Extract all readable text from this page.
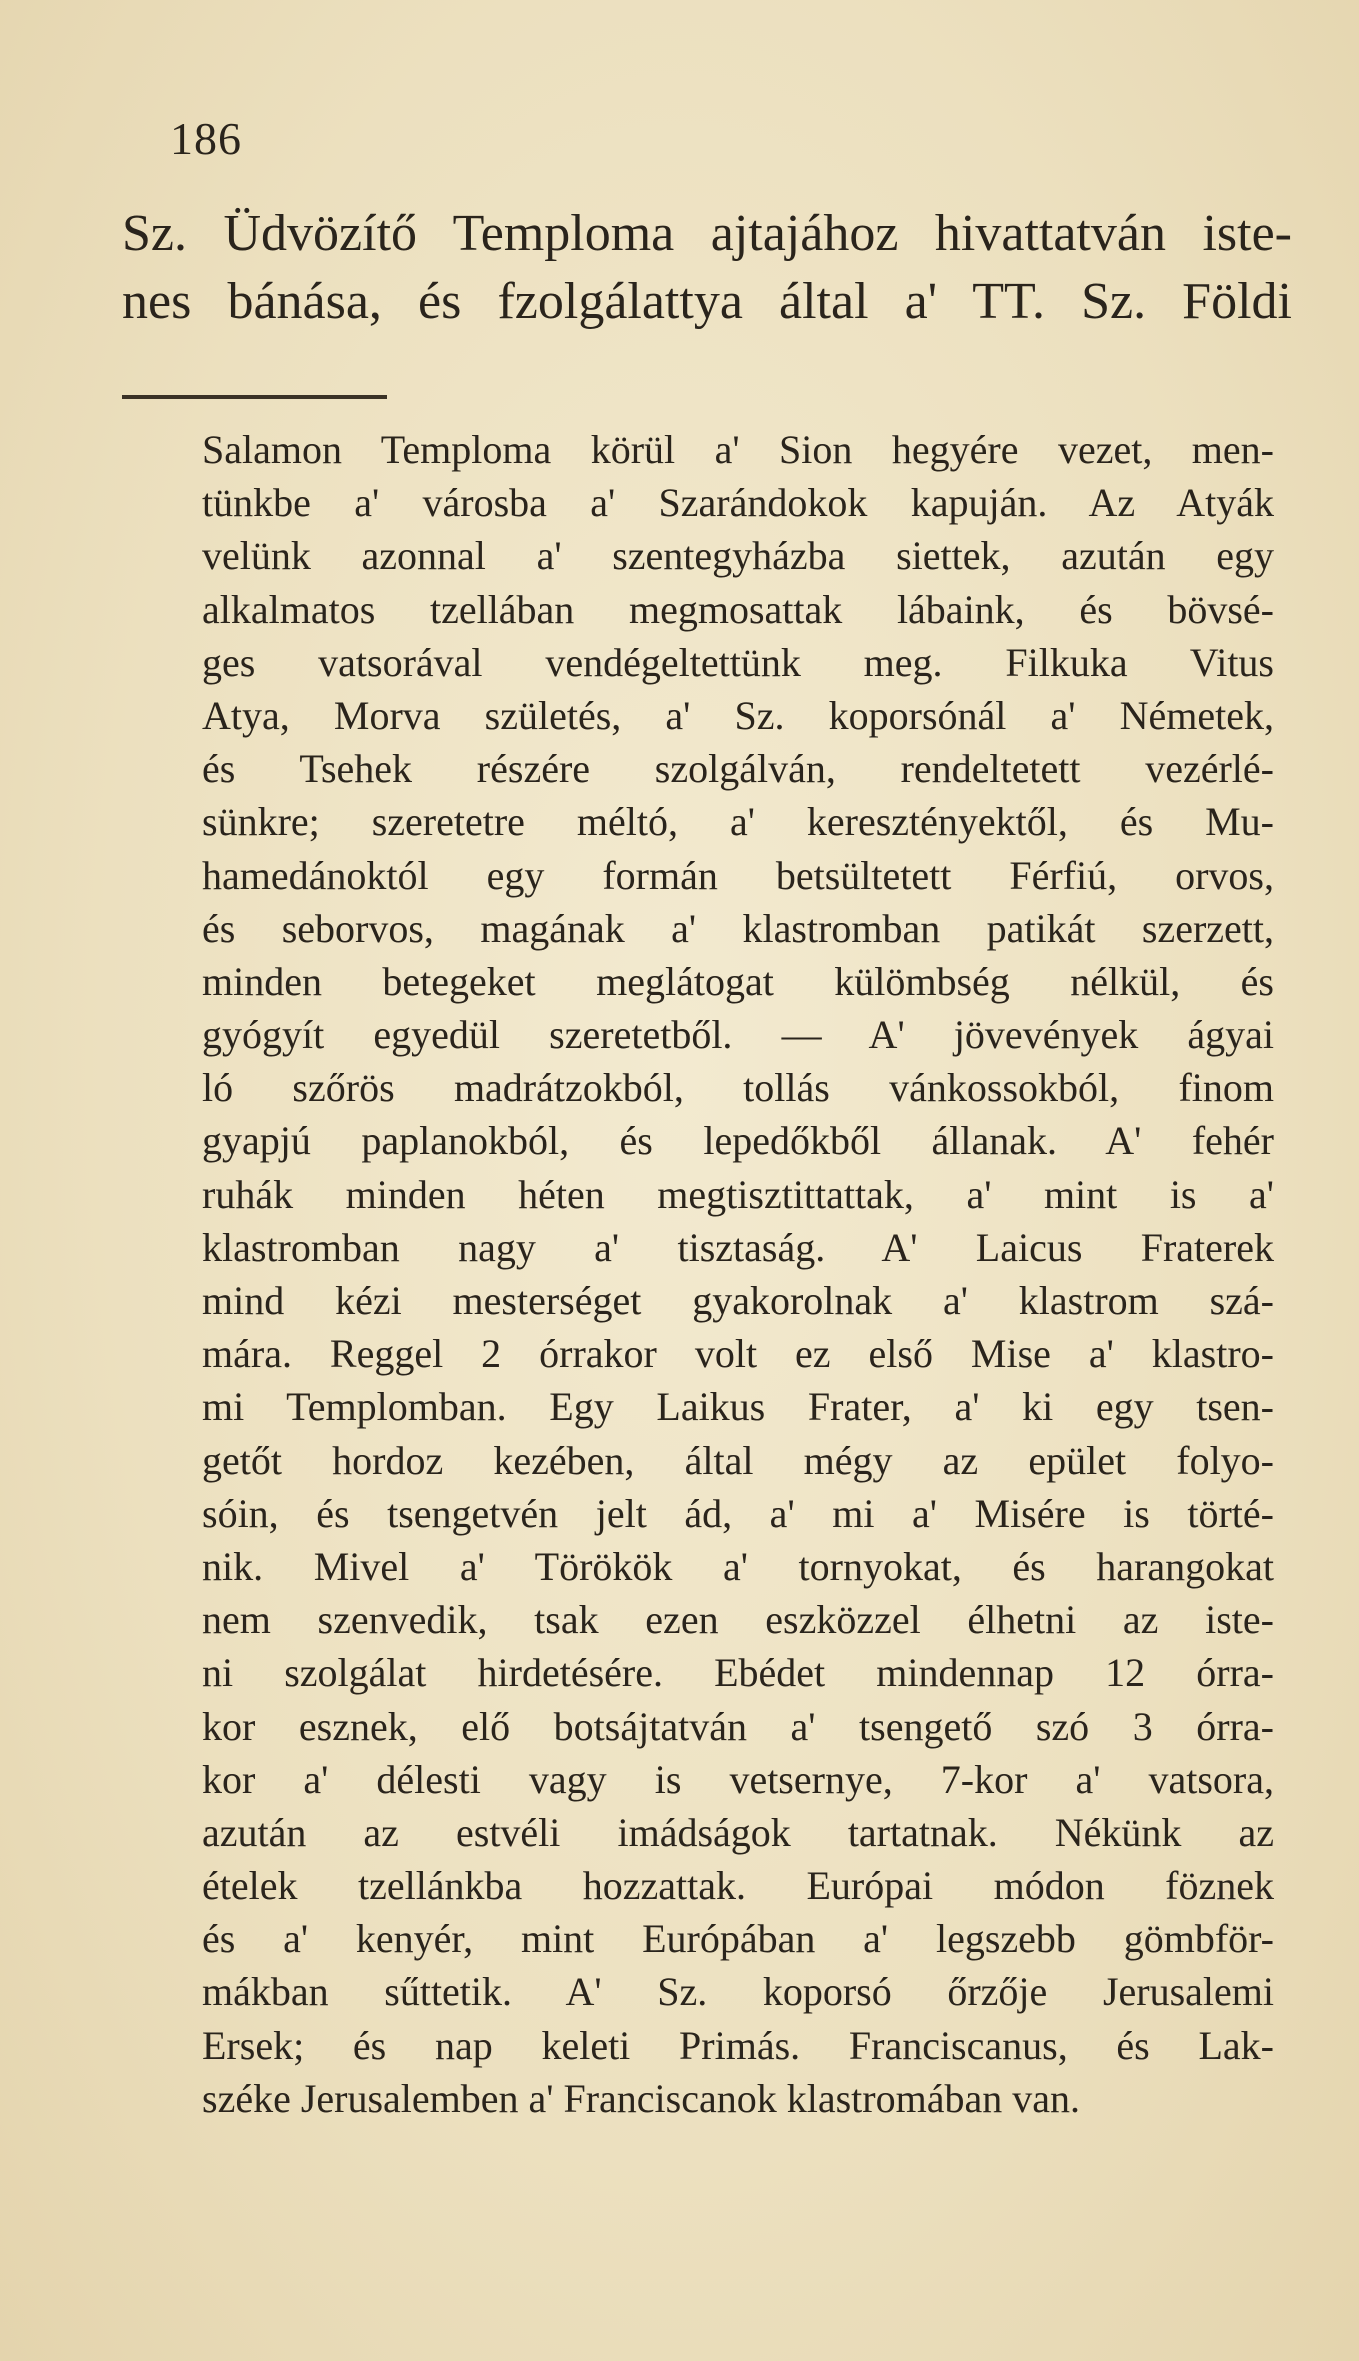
186
Sz. Üdvözítő Temploma ajtajához hivattatván iste-
nes bánása, és fzolgálattya által a' TT. Sz. Földi
Salamon Temploma körül a' Sion hegyére vezet, men-
tünkbe a' városba a' Szarándokok kapuján. Az Atyák
velünk azonnal a' szentegyházba siettek, azután egy
alkalmatos tzellában megmosattak lábaink, és bövsé-
ges vatsorával vendégeltettünk meg. Filkuka Vitus
Atya, Morva születés, a' Sz. koporsónál a' Németek,
és Tsehek részére szolgálván, rendeltetett vezérlé-
sünkre; szeretetre méltó, a' keresztényektől, és Mu-
hamedánoktól egy formán betsültetett Férfiú, orvos,
és seborvos, magának a' klastromban patikát szerzett,
minden betegeket meglátogat külömbség nélkül, és
gyógyít egyedül szeretetből. — A' jövevények ágyai
ló szőrös madrátzokból, tollás vánkossokból, finom
gyapjú paplanokból, és lepedőkből állanak. A' fehér
ruhák minden héten megtisztittattak, a' mint is a'
klastromban nagy a' tisztaság. A' Laicus Fraterek
mind kézi mesterséget gyakorolnak a' klastrom szá-
mára. Reggel 2 órrakor volt ez első Mise a' klastro-
mi Templomban. Egy Laikus Frater, a' ki egy tsen-
getőt hordoz kezében, által mégy az epület folyo-
sóin, és tsengetvén jelt ád, a' mi a' Misére is törté-
nik. Mivel a' Törökök a' tornyokat, és harangokat
nem szenvedik, tsak ezen eszközzel élhetni az iste-
ni szolgálat hirdetésére. Ebédet mindennap 12 órra-
kor esznek, elő botsájtatván a' tsengető szó 3 órra-
kor a' délesti vagy is vetsernye, 7-kor a' vatsora,
azután az estvéli imádságok tartatnak. Nékünk az
ételek tzellánkba hozzattak. Európai módon föznek
és a' kenyér, mint Európában a' legszebb gömbför-
mákban sűttetik. A' Sz. koporsó őrzője Jerusalemi
Ersek; és nap keleti Primás. Franciscanus, és Lak-
széke Jerusalemben a' Franciscanok klastromában van.
